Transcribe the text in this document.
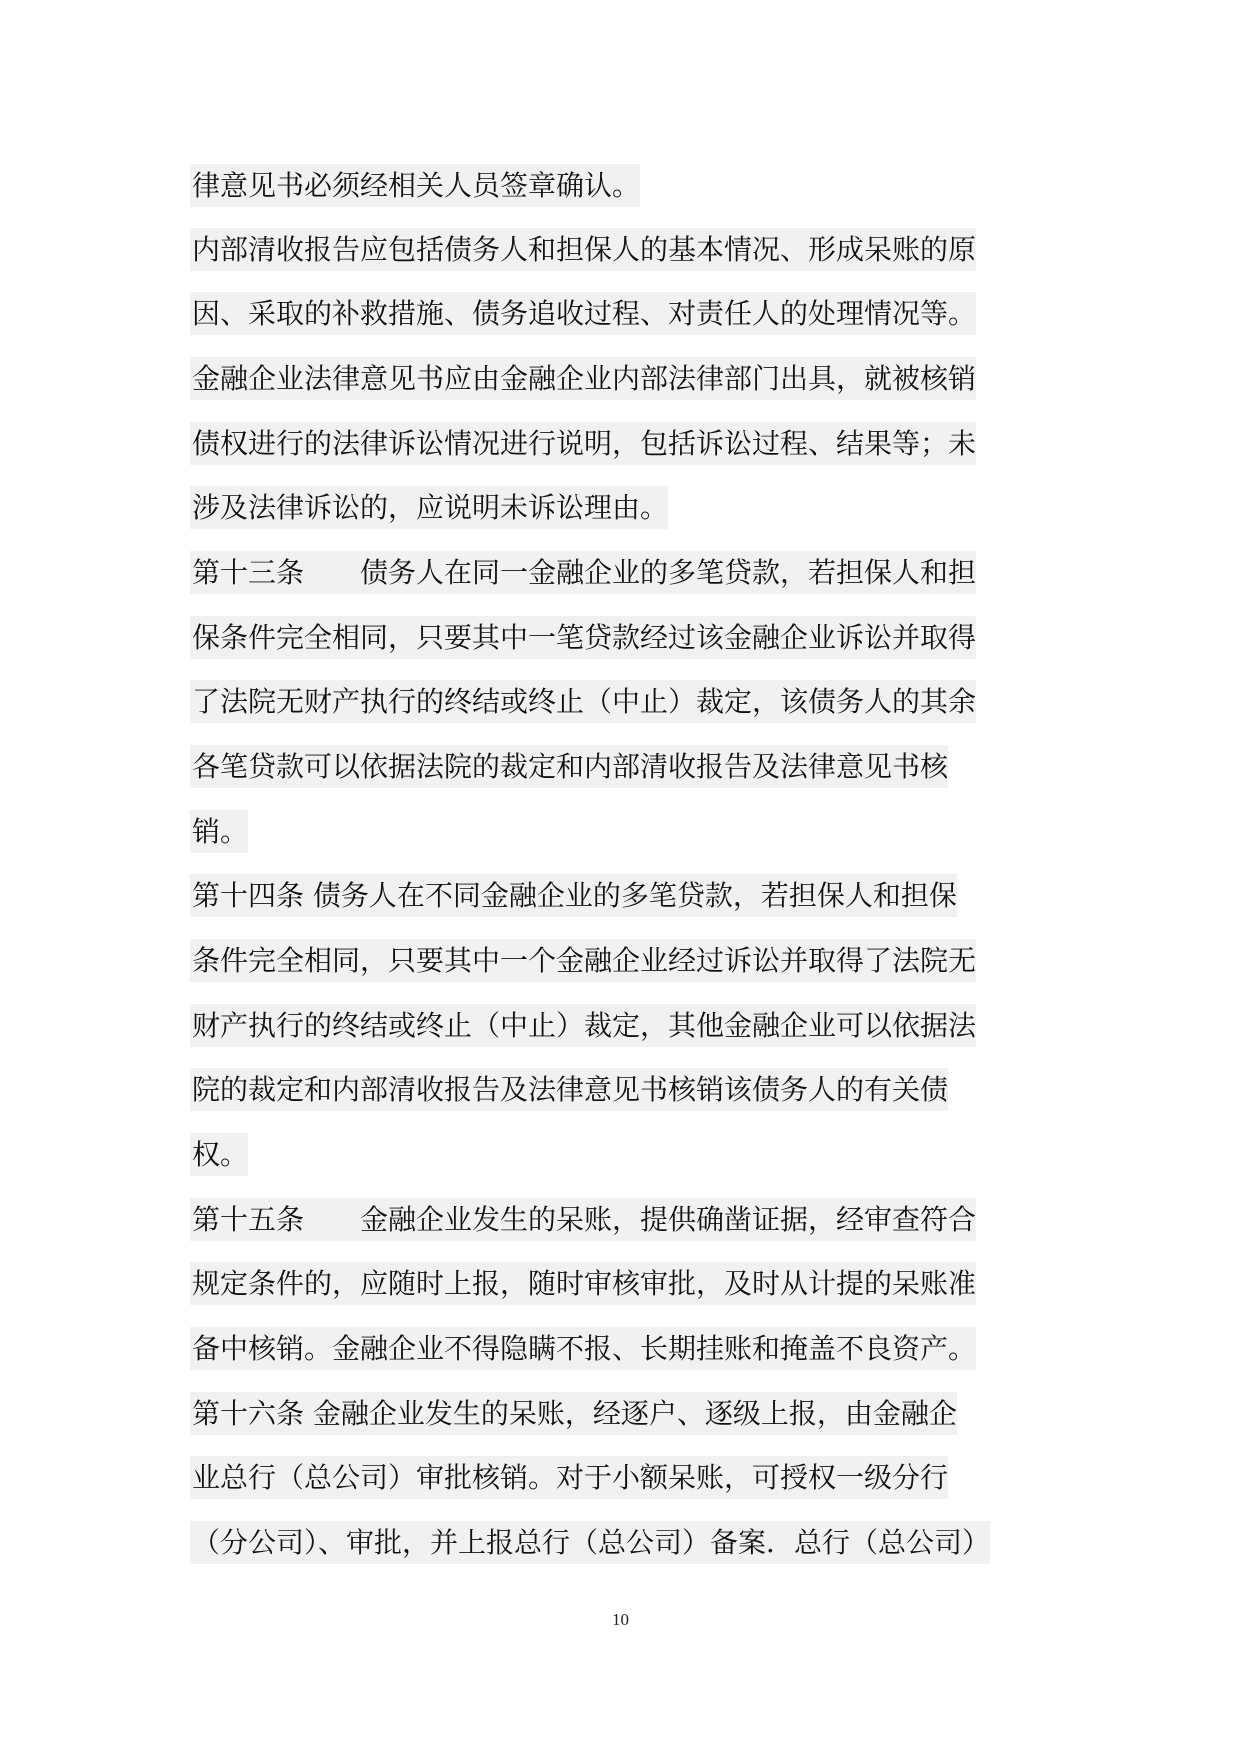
律意见书必须经相关人员签章确认。
内部清收报告应包括债务人和担保人的基本情况、形成呆账的原
因、采取的补救措施、债务追收过程、对责任人的处理情况等。
金融企业法律意见书应由金融企业内部法律部门出具，就被核销
债权进行的法律诉讼情况进行说明，包括诉讼过程、结果等；未
涉及法律诉讼的，应说明未诉讼理由。
第十三条　　债务人在同一金融企业的多笔贷款，若担保人和担
保条件完全相同，只要其中一笔贷款经过该金融企业诉讼并取得
了法院无财产执行的终结或终止（中止）裁定，该债务人的其余
各笔贷款可以依据法院的裁定和内部清收报告及法律意见书核
销。
第十四条 债务人在不同金融企业的多笔贷款，若担保人和担保
条件完全相同，只要其中一个金融企业经过诉讼并取得了法院无
财产执行的终结或终止（中止）裁定，其他金融企业可以依据法
院的裁定和内部清收报告及法律意见书核销该债务人的有关债
权。
第十五条　　金融企业发生的呆账，提供确凿证据，经审查符合
规定条件的，应随时上报，随时审核审批，及时从计提的呆账准
备中核销。金融企业不得隐瞒不报、长期挂账和掩盖不良资产。
第十六条 金融企业发生的呆账，经逐户、逐级上报，由金融企
业总行（总公司）审批核销。对于小额呆账，可授权一级分行
（分公司）、审批，并上报总行（总公司）备案．总行（总公司）
10
